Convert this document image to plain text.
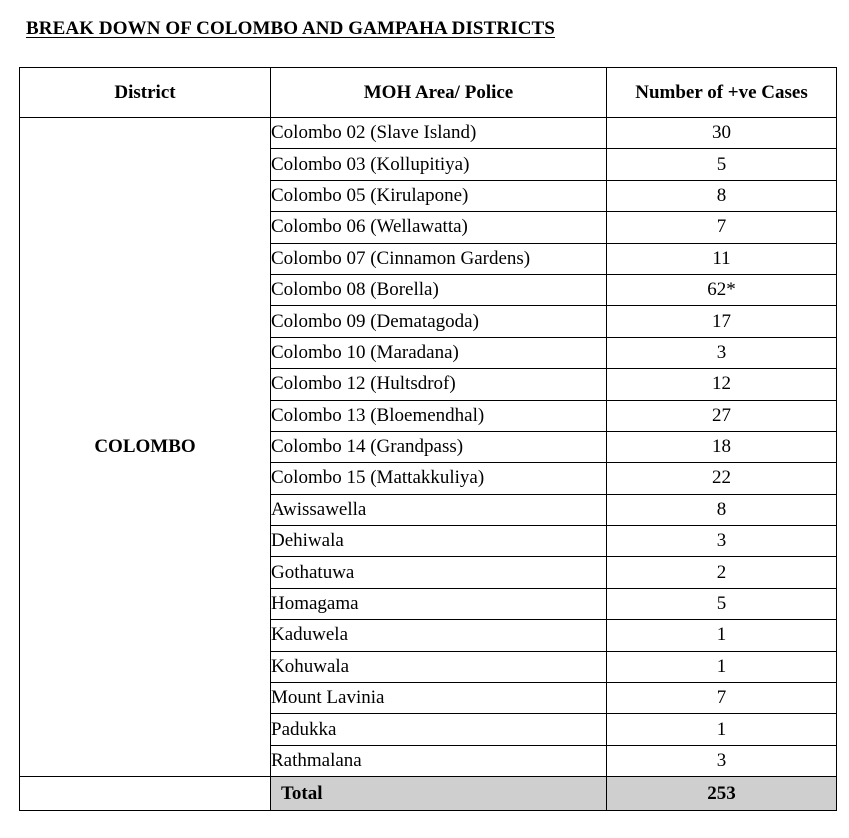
BREAK DOWN OF COLOMBO AND GAMPAHA DISTRICTS
District	MOH Area/ Police	Number of +ve Cases
COLOMBO	Colombo 02 (Slave Island)	30
	Colombo 03 (Kollupitiya)	5
	Colombo 05 (Kirulapone)	8
	Colombo 06 (Wellawatta)	7
	Colombo 07 (Cinnamon Gardens)	11
	Colombo 08 (Borella)	62*
	Colombo 09 (Dematagoda)	17
	Colombo 10 (Maradana)	3
	Colombo 12 (Hultsdrof)	12
	Colombo 13 (Bloemendhal)	27
	Colombo 14 (Grandpass)	18
	Colombo 15 (Mattakkuliya)	22
	Awissawella	8
	Dehiwala	3
	Gothatuwa	2
	Homagama	5
	Kaduwela	1
	Kohuwala	1
	Mount Lavinia	7
	Padukka	1
	Rathmalana	3
	Total	253
